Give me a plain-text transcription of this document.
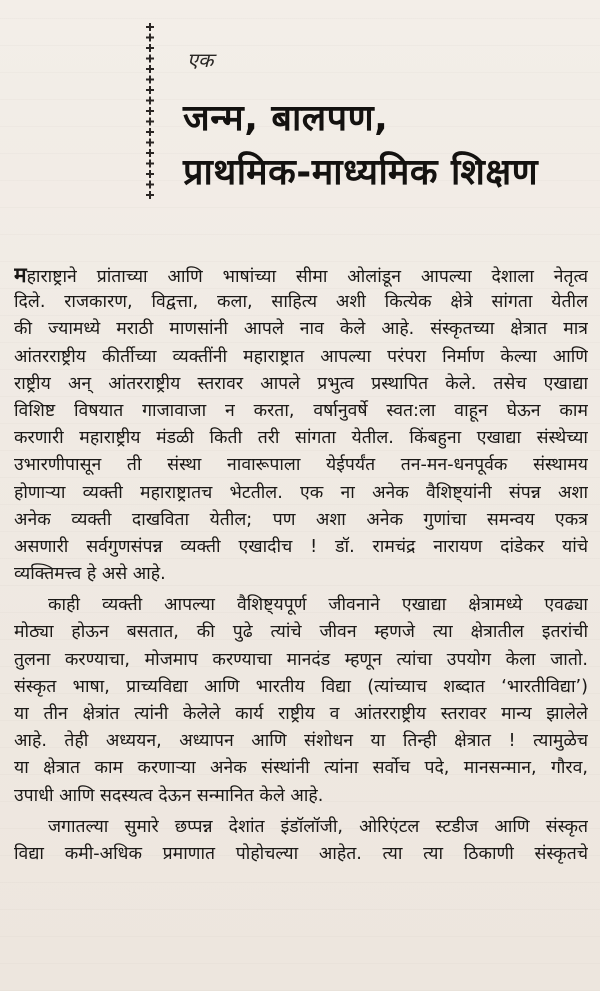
एक
जन्म, बालपण,
प्राथमिक-माध्यमिक शिक्षण
महाराष्ट्राने प्रांताच्या आणि भाषांच्या सीमा ओलांडून आपल्या देशाला नेतृत्व
दिले. राजकारण, विद्वत्ता, कला, साहित्य अशी कित्येक क्षेत्रे सांगता येतील
की ज्यामध्ये मराठी माणसांनी आपले नाव केले आहे. संस्कृतच्या क्षेत्रात मात्र
आंतरराष्ट्रीय कीर्तीच्या व्यक्तींनी महाराष्ट्रात आपल्या परंपरा निर्माण केल्या आणि
राष्ट्रीय अन् आंतरराष्ट्रीय स्तरावर आपले प्रभुत्व प्रस्थापित केले. तसेच एखाद्या
विशिष्ट विषयात गाजावाजा न करता, वर्षानुवर्षे स्वत:ला वाहून घेऊन काम
करणारी महाराष्ट्रीय मंडळी किती तरी सांगता येतील. किंबहुना एखाद्या संस्थेच्या
उभारणीपासून ती संस्था नावारूपाला येईपर्यंत तन-मन-धनपूर्वक संस्थामय
होणाऱ्या व्यक्ती महाराष्ट्रातच भेटतील. एक ना अनेक वैशिष्ट्यांनी संपन्न अशा
अनेक व्यक्ती दाखविता येतील; पण अशा अनेक गुणांचा समन्वय एकत्र
असणारी सर्वगुणसंपन्न व्यक्ती एखादीच ! डॉ. रामचंद्र नारायण दांडेकर यांचे
व्यक्तिमत्त्व हे असे आहे.
काही व्यक्ती आपल्या वैशिष्ट्यपूर्ण जीवनाने एखाद्या क्षेत्रामध्ये एवढ्या
मोठ्या होऊन बसतात, की पुढे त्यांचे जीवन म्हणजे त्या क्षेत्रातील इतरांची
तुलना करण्याचा, मोजमाप करण्याचा मानदंड म्हणून त्यांचा उपयोग केला जातो.
संस्कृत भाषा, प्राच्यविद्या आणि भारतीय विद्या (त्यांच्याच शब्दात ‘भारतीविद्या’)
या तीन क्षेत्रांत त्यांनी केलेले कार्य राष्ट्रीय व आंतरराष्ट्रीय स्तरावर मान्य झालेले
आहे. तेही अध्ययन, अध्यापन आणि संशोधन या तिन्ही क्षेत्रात ! त्यामुळेच
या क्षेत्रात काम करणाऱ्या अनेक संस्थांनी त्यांना सर्वोच पदे, मानसन्मान, गौरव,
उपाधी आणि सदस्यत्व देऊन सन्मानित केले आहे.
जगातल्या सुमारे छप्पन्न देशांत इंडॉलॉजी, ओरिएंटल स्टडीज आणि संस्कृत
विद्या कमी-अधिक प्रमाणात पोहोचल्या आहेत. त्या त्या ठिकाणी संस्कृतचे
